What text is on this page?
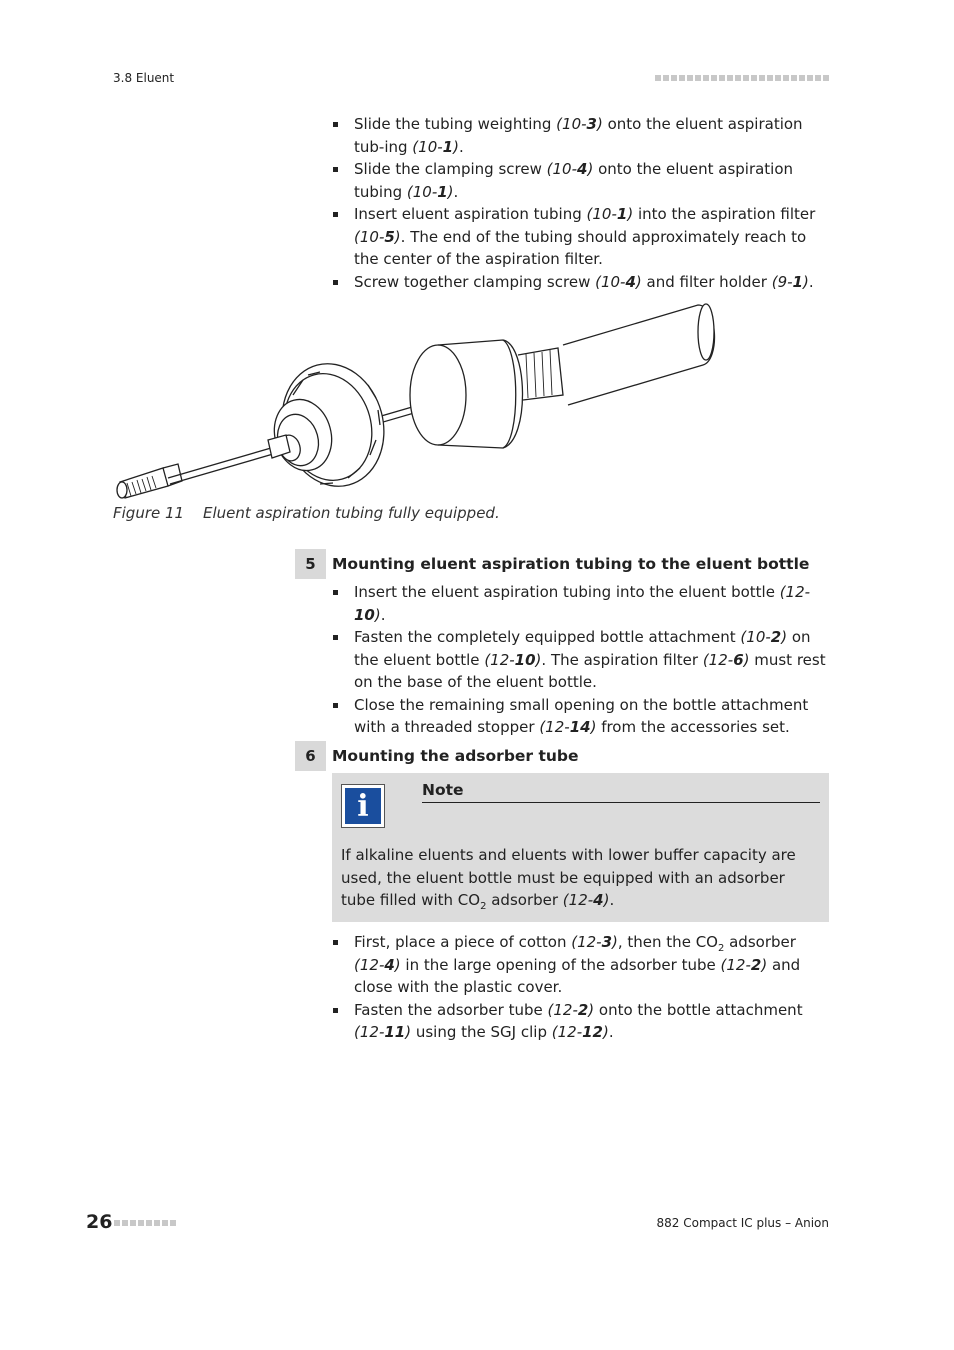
3.8 Eluent
Slide the tubing weighting (10-3) onto the eluent aspiration tub-ing (10-1).
Slide the clamping screw (10-4) onto the eluent aspiration tubing (10-1).
Insert eluent aspiration tubing (10-1) into the aspiration filter (10-5). The end of the tubing should approximately reach to the center of the aspiration filter.
Screw together clamping screw (10-4) and filter holder (9-1).
Figure 11 Eluent aspiration tubing fully equipped.
5	Mounting eluent aspiration tubing to the eluent bottle
Insert the eluent aspiration tubing into the eluent bottle (12-10).
Fasten the completely equipped bottle attachment (10-2) on the eluent bottle (12-10). The aspiration filter (12-6) must rest on the base of the eluent bottle.
Close the remaining small opening on the bottle attachment with a threaded stopper (12-14) from the accessories set.
6	Mounting the adsorber tube
i	Note
If alkaline eluents and eluents with lower buffer capacity are used, the eluent bottle must be equipped with an adsorber tube filled with $CO_2$ adsorber (12-4).
First, place a piece of cotton (12-3), then the $CO_2$ adsorber (12-4) in the large opening of the adsorber tube (12-2) and close with the plastic cover.
Fasten the adsorber tube (12-2) onto the bottle attachment (12-11) using the SGJ clip (12-12).
26	882 Compact IC plus – Anion
